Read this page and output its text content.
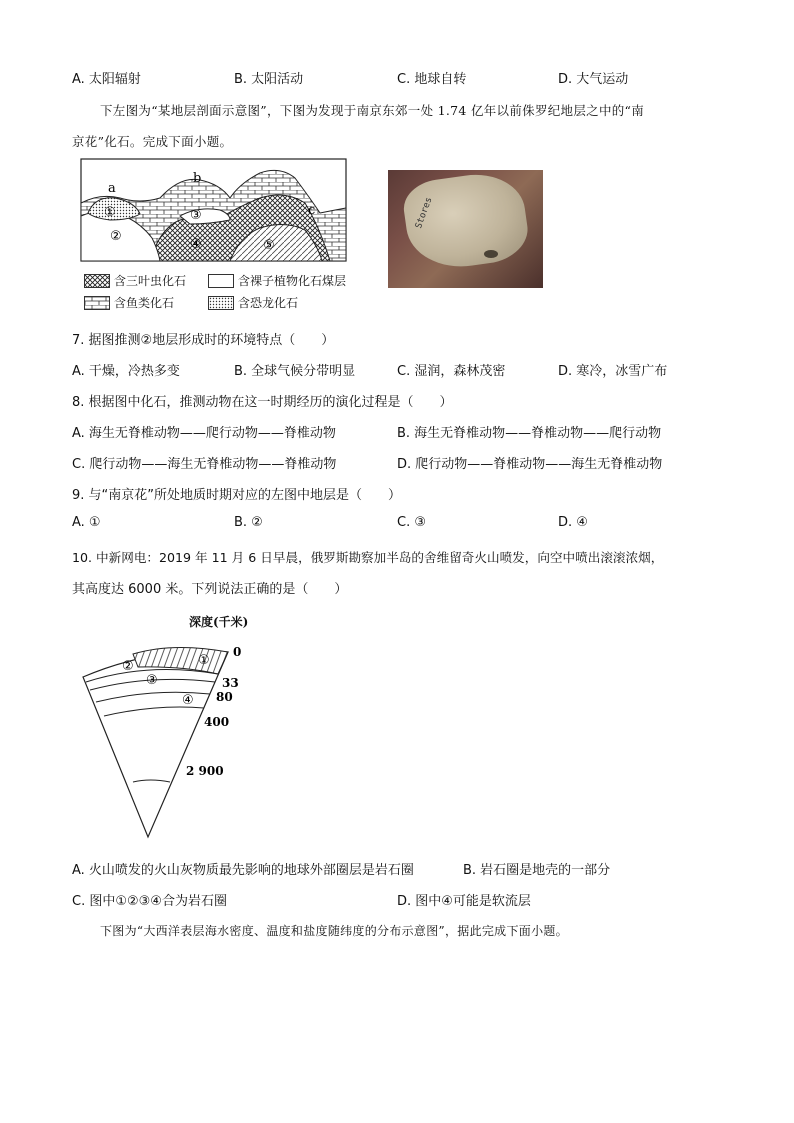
A. 太阳辐射	B. 太阳活动	C. 地球自转	D. 大气运动
下左图为“某地层剖面示意图”，下图为发现于南京东郊一处 1.74 亿年以前侏罗纪地层之中的“南
京花”化石。完成下面小题。
a
b
c
①
②
③
④	⑤
含三叶虫化石	含裸子植物化石煤层
含鱼类化石	含恐龙化石
Stores
7. 据图推测②地层形成时的环境特点（　　）
A. 干燥，冷热多变	B. 全球气候分带明显	C. 湿润，森林茂密	D. 寒冷，冰雪广布
8. 根据图中化石，推测动物在这一时期经历的演化过程是（　　）
A. 海生无脊椎动物——爬行动物——脊椎动物	B. 海生无脊椎动物——脊椎动物——爬行动物
C. 爬行动物——海生无脊椎动物——脊椎动物	D. 爬行动物——脊椎动物——海生无脊椎动物
9. 与“南京花”所处地质时期对应的左图中地层是（　　）
A. ①	B. ②	C. ③	D. ④
10. 中新网电：2019 年 11 月 6 日早晨，俄罗斯勘察加半岛的舍维留奇火山喷发，向空中喷出滚滚浓烟，
其高度达 6000 米。下列说法正确的是（　　）
深度(千米)
①
②
③
④
0
33
80
400
2 900
A. 火山喷发的火山灰物质最先影响的地球外部圈层是岩石圈	B. 岩石圈是地壳的一部分
C. 图中①②③④合为岩石圈	D. 图中④可能是软流层
下图为“大西洋表层海水密度、温度和盐度随纬度的分布示意图”，据此完成下面小题。
